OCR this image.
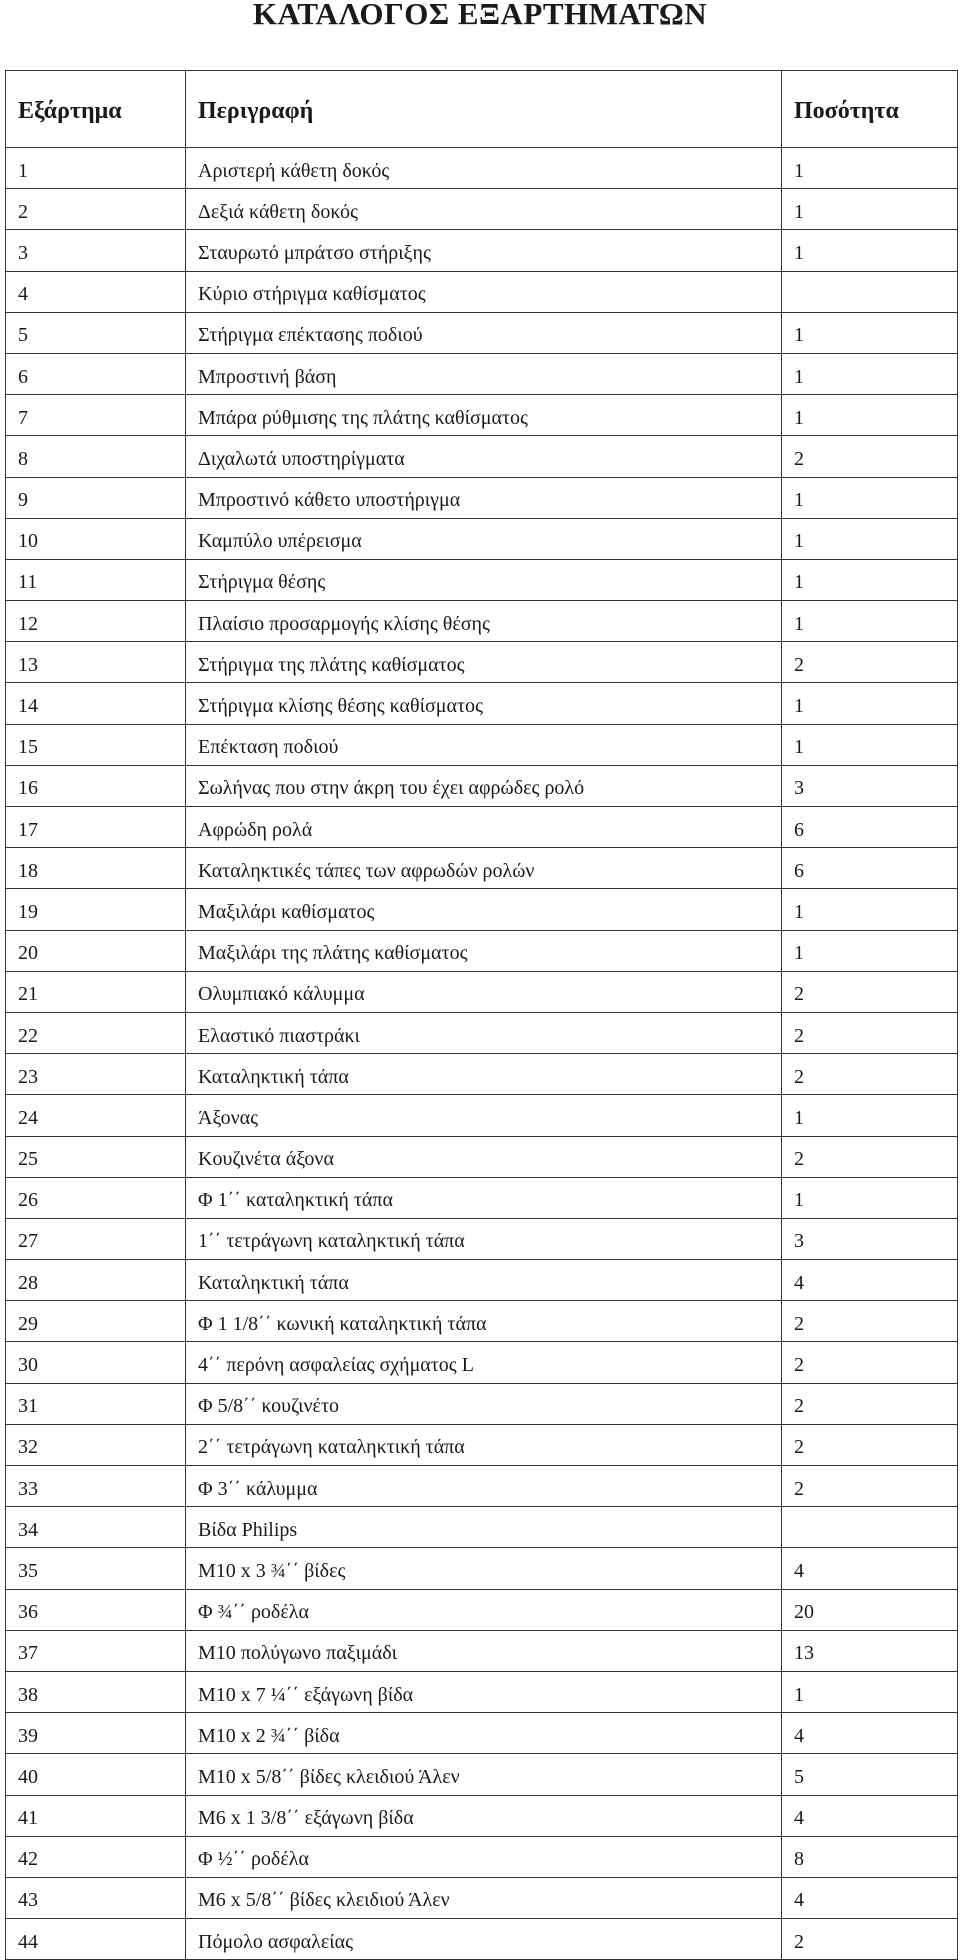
ΚΑΤΑΛΟΓΟΣ ΕΞΑΡΤΗΜΑΤΩΝ
Εξάρτημα	Περιγραφή	Ποσότητα
1	Αριστερή κάθετη δοκός	1
2	Δεξιά κάθετη δοκός	1
3	Σταυρωτό μπράτσο στήριξης	1
4	Κύριο στήριγμα καθίσματος	
5	Στήριγμα επέκτασης ποδιού	1
6	Μπροστινή βάση	1
7	Μπάρα ρύθμισης της πλάτης καθίσματος	1
8	Διχαλωτά υποστηρίγματα	2
9	Μπροστινό κάθετο υποστήριγμα	1
10	Καμπύλο υπέρεισμα	1
11	Στήριγμα θέσης	1
12	Πλαίσιο προσαρμογής κλίσης θέσης	1
13	Στήριγμα της πλάτης καθίσματος	2
14	Στήριγμα κλίσης θέσης καθίσματος	1
15	Επέκταση ποδιού	1
16	Σωλήνας που στην άκρη του έχει αφρώδες ρολό	3
17	Αφρώδη ρολά	6
18	Καταληκτικές τάπες των αφρωδών ρολών	6
19	Μαξιλάρι καθίσματος	1
20	Μαξιλάρι της πλάτης καθίσματος	1
21	Ολυμπιακό κάλυμμα	2
22	Ελαστικό πιαστράκι	2
23	Καταληκτική τάπα	2
24	Άξονας	1
25	Κουζινέτα άξονα	2
26	Φ 1΄΄ καταληκτική τάπα	1
27	1΄΄ τετράγωνη καταληκτική τάπα	3
28	Καταληκτική τάπα	4
29	Φ 1 1/8΄΄ κωνική καταληκτική τάπα	2
30	4΄΄ περόνη ασφαλείας σχήματος L	2
31	Φ 5/8΄΄ κουζινέτο	2
32	2΄΄ τετράγωνη καταληκτική τάπα	2
33	Φ 3΄΄ κάλυμμα	2
34	Βίδα Philips	
35	M10 x 3 ¾΄΄ βίδες	4
36	Φ ¾΄΄ ροδέλα	20
37	M10 πολύγωνο παξιμάδι	13
38	M10 x 7 ¼΄΄ εξάγωνη βίδα	1
39	M10 x 2 ¾΄΄ βίδα	4
40	M10 x 5/8΄΄ βίδες κλειδιού Άλεν	5
41	M6 x 1 3/8΄΄ εξάγωνη βίδα	4
42	Φ ½΄΄ ροδέλα	8
43	M6 x 5/8΄΄ βίδες κλειδιού Άλεν	4
44	Πόμολο ασφαλείας	2
